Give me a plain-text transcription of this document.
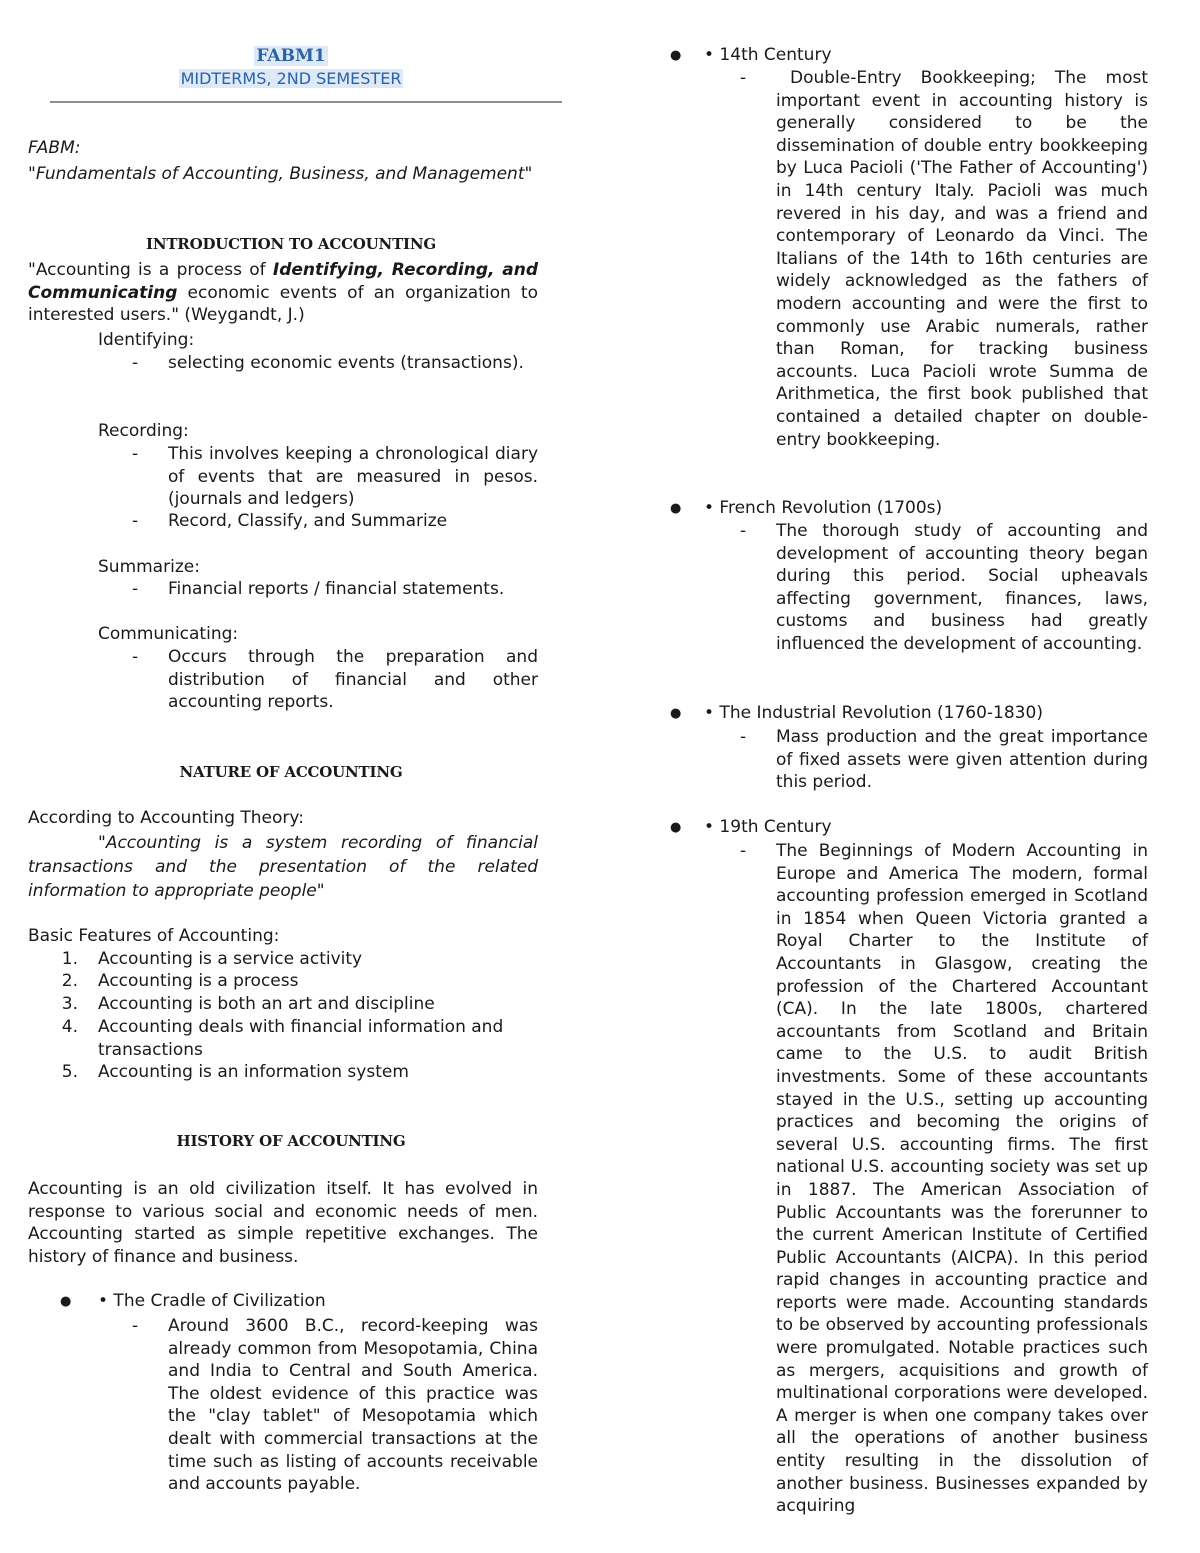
FABM1
MIDTERMS, 2ND SEMESTER
FABM:
"Fundamentals of Accounting, Business, and Management"
INTRODUCTION TO ACCOUNTING
"Accounting is a process of Identifying, Recording, and Communicating economic events of an organization to interested users." (Weygandt, J.)
Identifying:
- selecting economic events (transactions).
Recording:
- This involves keeping a chronological diary of events that are measured in pesos. (journals and ledgers)
- Record, Classify, and Summarize
Summarize:
- Financial reports / financial statements.
Communicating:
- Occurs through the preparation and distribution of financial and other accounting reports.
NATURE OF ACCOUNTING
According to Accounting Theory:
"Accounting is a system recording of financial transactions and the presentation of the related information to appropriate people"
Basic Features of Accounting:
1. Accounting is a service activity
2. Accounting is a process
3. Accounting is both an art and discipline
4. Accounting deals with financial information and transactions
5. Accounting is an information system
HISTORY OF ACCOUNTING
Accounting is an old civilization itself. It has evolved in response to various social and economic needs of men. Accounting started as simple repetitive exchanges. The history of finance and business.
● • The Cradle of Civilization
- Around 3600 B.C., record-keeping was already common from Mesopotamia, China and India to Central and South America. The oldest evidence of this practice was the "clay tablet" of Mesopotamia which dealt with commercial transactions at the time such as listing of accounts receivable and accounts payable.
● • 14th Century
-	Double-Entry Bookkeeping; The most important event in accounting history is generally considered to be the dissemination of double entry bookkeeping by Luca Pacioli ('The Father of Accounting') in 14th century Italy. Pacioli was much revered in his day, and was a friend and contemporary of Leonardo da Vinci. The Italians of the 14th to 16th centuries are widely acknowledged as the fathers of modern accounting and were the first to commonly use Arabic numerals, rather than Roman, for tracking business accounts. Luca Pacioli wrote Summa de Arithmetica, the first book published that contained a detailed chapter on double-entry bookkeeping.
● • French Revolution (1700s)
- The thorough study of accounting and development of accounting theory began during this period. Social upheavals affecting government, finances, laws, customs and business had greatly influenced the development of accounting.
● • The Industrial Revolution (1760-1830)
- Mass production and the great importance of fixed assets were given attention during this period.
● • 19th Century
- The Beginnings of Modern Accounting in Europe and America The modern, formal accounting profession emerged in Scotland in 1854 when Queen Victoria granted a Royal Charter to the Institute of Accountants in Glasgow, creating the profession of the Chartered Accountant (CA). In the late 1800s, chartered accountants from Scotland and Britain came to the U.S. to audit British investments. Some of these accountants stayed in the U.S., setting up accounting practices and becoming the origins of several U.S. accounting firms. The first national U.S. accounting society was set up in 1887. The American Association of Public Accountants was the forerunner to the current American Institute of Certified Public Accountants (AICPA). In this period rapid changes in accounting practice and reports were made. Accounting standards to be observed by accounting professionals were promulgated. Notable practices such as mergers, acquisitions and growth of multinational corporations were developed. A merger is when one company takes over all the operations of another business entity resulting in the dissolution of another business. Businesses expanded by acquiring
